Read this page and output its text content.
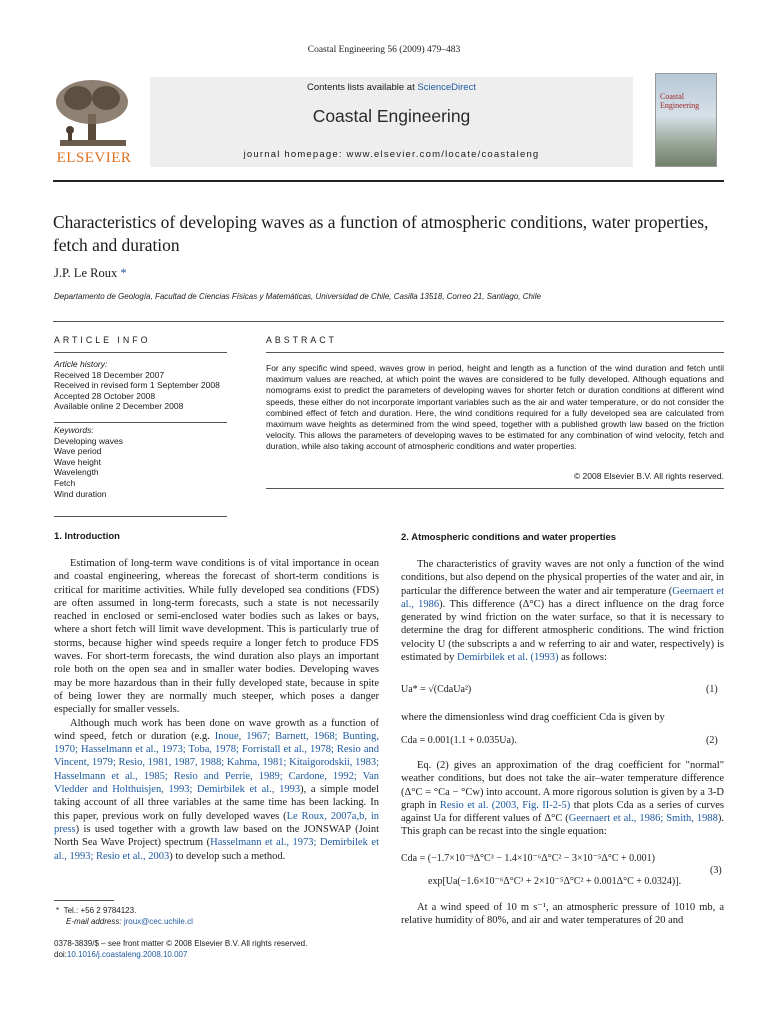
Coastal Engineering 56 (2009) 479–483
ELSEVIER
Contents lists available at ScienceDirect
Coastal Engineering
journal homepage: www.elsevier.com/locate/coastaleng
Coastal Engineering
Characteristics of developing waves as a function of atmospheric conditions, water properties, fetch and duration
J.P. Le Roux *
Departamento de Geología, Facultad de Ciencias Físicas y Matemáticas, Universidad de Chile, Casilla 13518, Correo 21, Santiago, Chile
ARTICLE INFO
Article history:
Received 18 December 2007
Received in revised form 1 September 2008
Accepted 28 October 2008
Available online 2 December 2008
Keywords:
Developing waves
Wave period
Wave height
Wavelength
Fetch
Wind duration
ABSTRACT
For any specific wind speed, waves grow in period, height and length as a function of the wind duration and fetch until maximum values are reached, at which point the waves are considered to be fully developed. Although equations and nomograms exist to predict the parameters of developing waves for shorter fetch or duration conditions at different wind speeds, these either do not incorporate important variables such as the air and water temperature, or do not consider the combined effect of fetch and duration. Here, the wind conditions required for a fully developed sea are calculated from maximum wave heights as determined from the wind speed, together with a published growth law based on the friction velocity. This allows the parameters of developing waves to be estimated for any combination of wind velocity, fetch and duration, while also taking account of atmospheric conditions and water properties.
© 2008 Elsevier B.V. All rights reserved.
1. Introduction

Estimation of long-term wave conditions is of vital importance in ocean and coastal engineering, whereas the forecast of short-term conditions is critical for maritime activities. While fully developed sea conditions (FDS) are often assumed in long-term forecasts, such a state is not necessarily reached in enclosed or semi-enclosed water bodies such as lakes or bays, where a short fetch will limit wave development. This is particularly true of storms, because higher wind speeds require a longer fetch to produce FDS waves. For short-term forecasts, the wind duration also plays an important role both on the open sea and in smaller water bodies. Developing waves may be more hazardous than in their fully developed state, because in spite of being lower they are normally much steeper, which poses a danger especially for smaller vessels.

Although much work has been done on wave growth as a function of wind speed, fetch or duration (e.g. Inoue, 1967; Barnett, 1968; Bunting, 1970; Hasselmann et al., 1973; Toba, 1978; Forristall et al., 1978; Resio and Vincent, 1979; Resio, 1981, 1987, 1988; Kahma, 1981; Kitaigorodskii, 1983; Hasselmann et al., 1985; Resio and Perrie, 1989; Cardone, 1992; Van Vledder and Holthuisjen, 1993; Demirbilek et al., 1993), a simple model taking account of all three variables at the same time has been lacking. In this paper, previous work on fully developed waves (Le Roux, 2007a,b, in press) is used together with a growth law based on the JONSWAP (Joint North Sea Wave Project) spectrum (Hasselmann et al., 1973; Demirbilek et al., 1993; Resio et al., 2003) to develop such a method.

* Tel.: +56 2 9784123.
E-mail address: jroux@cec.uchile.cl
0378-3839/$ – see front matter © 2008 Elsevier B.V. All rights reserved.
doi:10.1016/j.coastaleng.2008.10.007
2. Atmospheric conditions and water properties

The characteristics of gravity waves are not only a function of the wind conditions, but also depend on the physical properties of the water and air, in particular the difference between the water and air temperature (Geernaert et al., 1986). This difference (Δ°C) has a direct influence on the drag force generated by wind friction on the water surface, so that it is necessary to determine the drag for different atmospheric conditions. The wind friction velocity U (the subscripts a and w referring to air and water, respectively) is estimated by Demirbilek et al. (1993) as follows:

Ua* = √(CdaUa²)	(1)
where the dimensionless wind drag coefficient Cda is given by
Cda = 0.001(1.1 + 0.035Ua).	(2)

Eq. (2) gives an approximation of the drag coefficient for "normal" weather conditions, but does not take the air–water temperature difference (Δ°C = °Ca − °Cw) into account. A more rigorous solution is given by a 3-D graph in Resio et al. (2003, Fig. II-2-5) that plots Cda as a series of curves against Ua for different values of Δ°C (Geernaert et al., 1986; Smith, 1988). This graph can be recast into the single equation:

Cda = (−1.7×10⁻⁹Δ°C³ − 1.4×10⁻⁶Δ°C² − 3×10⁻⁵Δ°C + 0.001)
exp[Ua(−1.6×10⁻⁶Δ°C³ + 2×10⁻⁵Δ°C² + 0.001Δ°C + 0.0324)].
(3)

At a wind speed of 10 m s⁻¹, an atmospheric pressure of 1010 mb, a relative humidity of 80%, and air and water temperatures of 20 and
